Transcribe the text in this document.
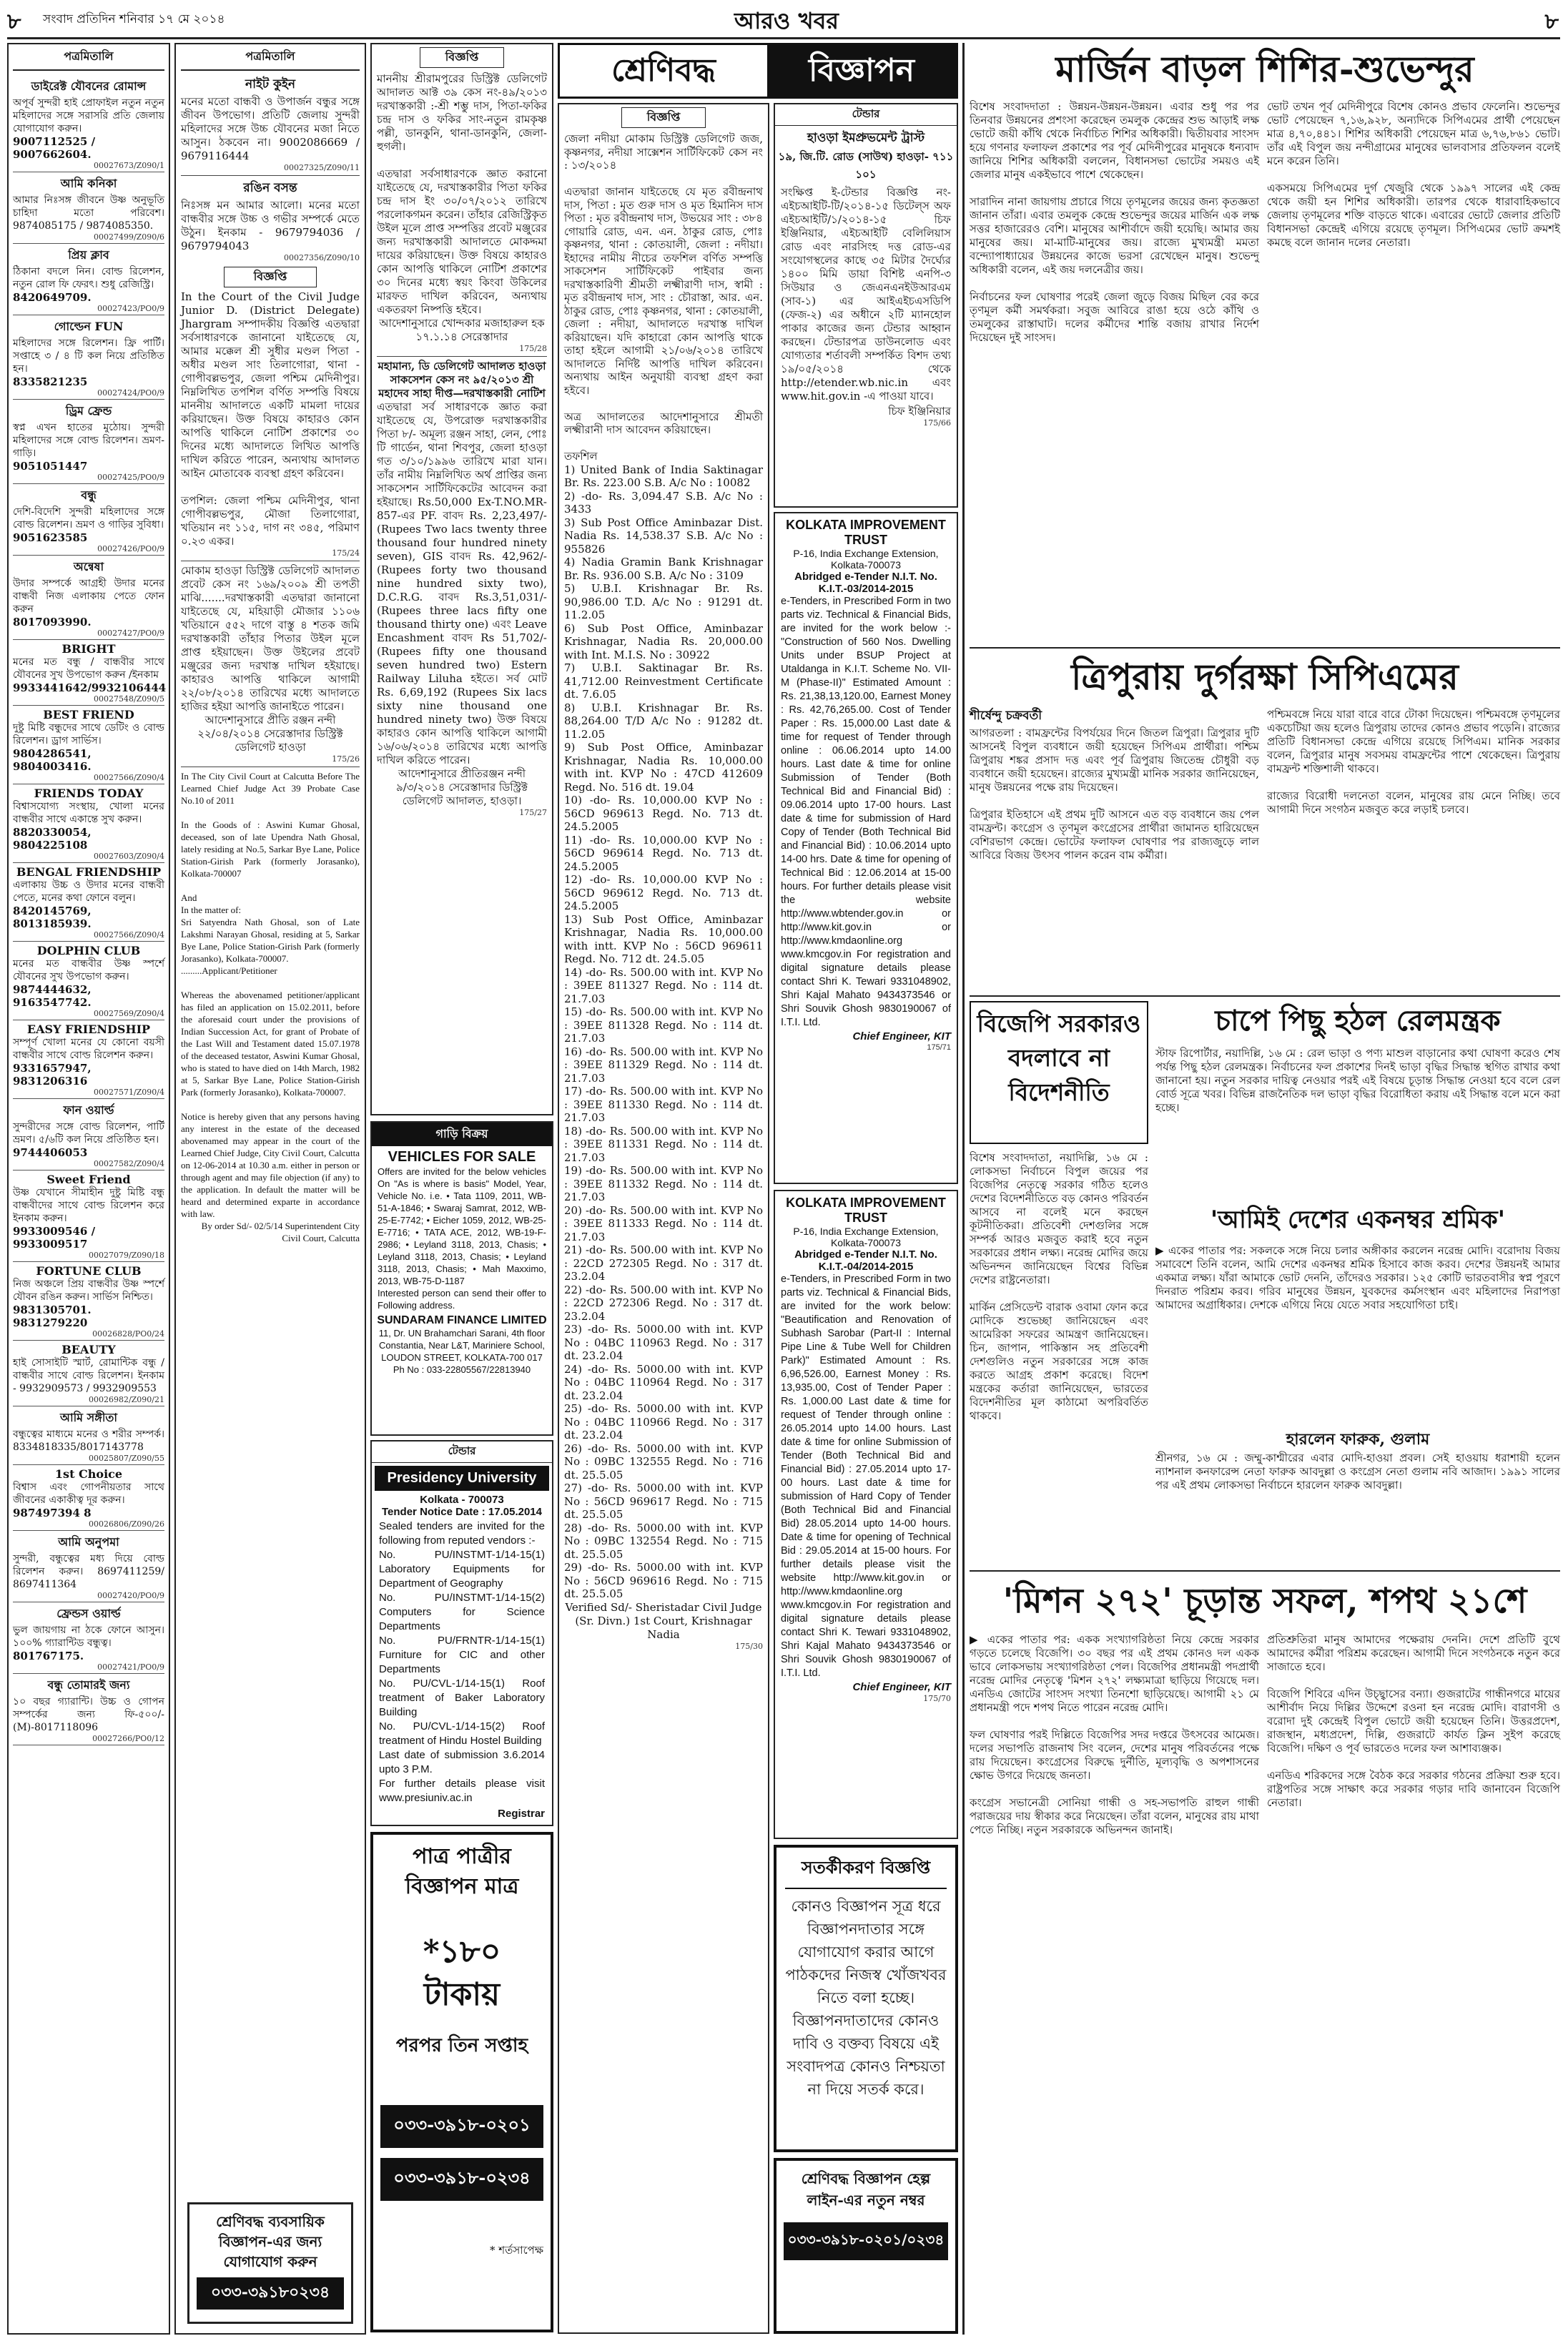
৮	সংবাদ প্রতিদিন শনিবার ১৭ মে ২০১৪	আরও খবর	৮
পত্রমিতালি
ডাইরেক্ট যৌবনের রোমান্স
অপূর্ব সুন্দরী হাই প্রোফাইল নতুন নতুন মহিলাদের সঙ্গে সরাসরি প্রতি জেলায় যোগাযোগ করুন।
9007112525 / 9007662604.
00027673/Z090/1
আমি কনিকা
আমার নিঃসঙ্গ জীবনে উষ্ণ অনুভূতি চাহিদা মতো পরিবেশ। 9874085175 / 9874085350.
00027499/Z090/6
প্রিয় ক্লাব
ঠিকানা বদলে নিন। বোল্ড রিলেশন, নতুন রোল ফি ফেরৎ। শুধু রেজিস্ট্রি।
8420649709.
00027423/PO0/9
গোল্ডেন FUN
মহিলাদের সঙ্গে রিলেশন। ফ্রি পার্টি। সপ্তাহে ৩ / ৪ টি কল নিয়ে প্রতিষ্ঠিত হন।
8335821235
00027424/PO0/9
ড্রিম ফ্রেন্ড
স্বপ্ন এখন হাতের মুঠোয়। সুন্দরী মহিলাদের সঙ্গে বোল্ড রিলেশন। ভ্রমণ-গাড়ি।
9051051447
00027425/PO0/9
বন্ধু
দেশি-বিদেশি সুন্দরী মহিলাদের সঙ্গে বোল্ড রিলেশন। ভ্রমণ ও গাড়ির সুবিধা।
9051623585
00027426/PO0/9
অন্বেষা
উদার সম্পর্কে আগ্রহী উদার মনের বান্ধবী নিজ এলাকায় পেতে ফোন করুন
8017093990.
00027427/PO0/9
BRIGHT
মনের মত বন্ধু / বান্ধবীর সাথে যৌবনের সুখ উপভোগ করুন /ইনকাম
9933441642/9932106444
00027548/Z090/5
BEST FRIEND
দুষ্টু মিষ্টি বন্ধুদের সাথে ডেটিং ও বোল্ড রিলেশন। ড্রাগ সার্ভিস।
9804286541, 9804003416.
00027566/Z090/4
FRIENDS TODAY
বিশ্বাসযোগ্য সংস্থায়, খোলা মনের বান্ধবীর সাথে একান্তে সুখ করুন।
8820330054, 9804225108
00027603/Z090/4
BENGAL FRIENDSHIP
এলাকায় উচ্চ ও উদার মনের বান্ধবী পেতে, মনের কথা ফোনে বলুন।
8420145769, 8013185939.
00027566/Z090/4
DOLPHIN CLUB
মনের মত বান্ধবীর উষ্ণ স্পর্শে যৌবনের সুখ উপভোগ করুন।
9874444632, 9163547742.
00027569/Z090/4
EASY FRIENDSHIP
সম্পূর্ণ খোলা মনের যে কোনো বয়সী বান্ধবীর সাথে বোল্ড রিলেশন করুন।
9331657947, 9831206316
00027571/Z090/4
ফান ওয়ার্ল্ড
সুন্দরীদের সঙ্গে বোল্ড রিলেশন, পার্টি ভ্রমণ। ৫/৬টি কল নিয়ে প্রতিষ্ঠিত হন।
9744406053
00027582/Z090/4
Sweet Friend
উষ্ণ যেখানে সীমাহীন দুষ্টু মিষ্টি বন্ধু বান্ধবীদের সাথে বোল্ড রিলেশন করে ইনকাম করুন।
9933009546 / 9933009517
00027079/Z090/18
FORTUNE CLUB
নিজ অঞ্চলে প্রিয় বান্ধবীর উষ্ণ স্পর্শে যৌবন রঙিন করুন। সার্ভিস নিশ্চিত।
9831305701. 9831279220
00026828/PO0/24
BEAUTY
হাই সোসাইটি স্মার্ট, রোমান্টিক বন্ধু / বান্ধবীর সাথে বোল্ড রিলেশন। ইনকাম - 9932909573 / 9932909553
00026982/Z090/21
আমি সঙ্গীতা
বন্ধুত্বের মাধ্যমে মনের ও শরীর সম্পর্ক। 8334818335/8017143778
00025807/Z090/55
1st Choice
বিশ্বাস এবং গোপনীয়তার সাথে জীবনের একাকীত্ব দূর করুন।
987497394 8
00026806/Z090/26
আমি অনুপমা
সুন্দরী, বন্ধুত্বের মধ্য দিয়ে বোল্ড রিলেশন করুন। 8697411259/ 8697411364
00027420/PO0/9
ফ্রেন্ডস ওয়ার্ল্ড
ভুল জায়গায় না ঠকে ফোনে আসুন। ১০০% গ্যারান্টিড বন্ধুত্ব।
801767175.
00027421/PO0/9
বন্ধু তোমারই জন্য
১০ বছর গ্যারান্টি। উচ্চ ও গোপন সম্পর্কের জন্য ফি-৫০০/- (M)-8017118096
00027266/PO0/12
পত্রমিতালি
নাইট কুইন
মনের মতো বান্ধবী ও উপার্জন বন্ধুর সঙ্গে জীবন উপভোগ। প্রতিটি জেলায় সুন্দরী মহিলাদের সঙ্গে উচ্চ যৌবনের মজা নিতে আসুন। ঠকবেন না। 9002086669 / 9679116444
00027325/Z090/11
রঙিন বসন্ত
নিঃসঙ্গ মন আমার আলো। মনের মতো বান্ধবীর সঙ্গে উচ্চ ও গভীর সম্পর্কে মেতে উঠুন। ইনকাম - 9679794036 / 9679794043
00027356/Z090/10
বিজ্ঞপ্তি
In the Court of the Civil Judge Junior D. (District Delegate) Jhargram সম্পাদকীয় বিজ্ঞপ্তি এতদ্বারা সর্বসাধারণকে জানানো যাইতেছে যে, আমার মক্কেল শ্রী সুধীর মণ্ডল পিতা - অধীর মণ্ডল সাং তিলাগোরা, থানা - গোপীবল্লভপুর, জেলা পশ্চিম মেদিনীপুর। নিম্নলিখিত তপশিল বর্ণিত সম্পত্তি বিষয়ে মাননীয় আদালতে একটি মামলা দায়ের করিয়াছেন। উক্ত বিষয়ে কাহারও কোন আপত্তি থাকিলে নোটিশ প্রকাশের ৩০ দিনের মধ্যে আদালতে লিখিত আপত্তি দাখিল করিতে পারেন, অন্যথায় আদালত আইন মোতাবেক ব্যবস্থা গ্রহণ করিবেন।

তপশিল: জেলা পশ্চিম মেদিনীপুর, থানা গোপীবল্লভপুর, মৌজা তিলাগোরা, খতিয়ান নং ১১৫, দাগ নং ৩৪৫, পরিমাণ ০.২৩ একর।
175/24
মোকাম হাওড়া ডিস্ট্রিক্ট ডেলিগেট আদালত প্রবেট কেস নং ১৬৯/২০০৯ শ্রী তপতী মাঝি.......দরখাস্তকারী এতদ্বারা জানানো যাইতেছে যে, মহিয়াড়ী মৌজার ১১০৬ খতিয়ানে ৫৫২ দাগে বাস্তু ৪ শতক জমি দরখাস্তকারী তাঁহার পিতার উইল মূলে প্রাপ্ত হইয়াছেন। উক্ত উইলের প্রবেট মঞ্জুরের জন্য দরখাস্ত দাখিল হইয়াছে। কাহারও আপত্তি থাকিলে আগামী ২২/০৮/২০১৪ তারিখের মধ্যে আদালতে হাজির হইয়া আপত্তি জানাইতে পারেন।
আদেশানুসারে প্রীতি রঞ্জন নন্দী ২২/০৪/২০১৪ সেরেস্তাদার ডিস্ট্রিক্ট ডেলিগেট হাওড়া
175/26
In The City Civil Court at Calcutta Before The Learned Chief Judge Act 39 Probate Case No.10 of 2011

In the Goods of : Aswini Kumar Ghosal, deceased, son of late Upendra Nath Ghosal, lately residing at No.5, Sarkar Bye Lane, Police Station-Girish Park (formerly Jorasanko), Kolkata-700007

And
In the matter of:
Sri Satyendra Nath Ghosal, son of Late Lakshmi Narayan Ghosal, residing at 5, Sarkar Bye Lane, Police Station-Girish Park (formerly Jorasanko), Kolkata-700007.
.........Applicant/Petitioner

Whereas the abovenamed petitioner/applicant has filed an application on 15.02.2011, before the aforesaid court under the provisions of Indian Succession Act, for grant of Probate of the Last Will and Testament dated 15.07.1978 of the deceased testator, Aswini Kumar Ghosal, who is stated to have died on 14th March, 1982 at 5, Sarkar Bye Lane, Police Station-Girish Park (formerly Jorasanko), Kolkata-700007.

Notice is hereby given that any persons having any interest in the estate of the deceased abovenamed may appear in the court of the Learned Chief Judge, City Civil Court, Calcutta on 12-06-2014 at 10.30 a.m. either in person or through agent and may file objection (if any) to the application. In default the matter will be heard and determined exparte in accordance with law.
By order Sd/- 02/5/14 Superintendent City Civil Court, Calcutta
শ্রেণিবদ্ধ ব্যবসায়িক বিজ্ঞাপন-এর জন্য যোগাযোগ করুন
০৩৩-৩৯১৮০২৩৪
বিজ্ঞপ্তি
মাননীয় শ্রীরামপুরের ডিস্ট্রিক্ট ডেলিগেট আদালত আক্ট ৩৯ কেস নং-৪৯/২০১৩ দরখাস্তকারী :-শ্রী শম্ভু দাস, পিতা-ফকির চন্দ্র দাস ও ফকির সাং-নতুন রামকৃষ্ণ পল্লী, ডানকুনি, থানা-ডানকুনি, জেলা-হুগলী।

এতদ্বারা সর্বসাধারণকে জ্ঞাত করানো যাইতেছে যে, দরখাস্তকারীর পিতা ফকির চন্দ্র দাস ইং ৩০/০৭/২০১২ তারিখে পরলোকগমন করেন। তাঁহার রেজিস্ট্রিকৃত উইল মূলে প্রাপ্ত সম্পত্তির প্রবেট মঞ্জুরের জন্য দরখাস্তকারী আদালতে মোকদ্দমা দায়ের করিয়াছেন। উক্ত বিষয়ে কাহারও কোন আপত্তি থাকিলে নোটিশ প্রকাশের ৩০ দিনের মধ্যে স্বয়ং কিংবা উকিলের মারফত দাখিল করিবেন, অন্যথায় একতরফা নিষ্পত্তি হইবে।
আদেশানুসারে খোন্দকার মজাহারুল হক ১৭.১.১৪ সেরেস্তাদার
175/28
মহামান্য, ডি ডেলিগেট আদালত হাওড়া সাকসেশন কেস নং ৯৫/২০১৩ শ্রী মহাদেব সাহা দীপ্ত—দরখাস্তকারী নোটিশ
এতদ্বারা সর্ব সাধারণকে জ্ঞাত করা যাইতেছে যে, উপরোক্ত দরখাস্তকারীর পিতা ৮/- অমূল্য রঞ্জন সাহা, লেন, পোঃ টি গার্ডেন, থানা শিবপুর, জেলা হাওড়া গত ৩/১০/১৯৯৬ তারিখে মারা যান। তাঁর নামীয় নিম্নলিখিত অর্থ প্রাপ্তির জন্য সাকসেশন সার্টিফিকেটের আবেদন করা হইয়াছে। Rs.50,000 Ex-T.NO.MR-857-এর PF. বাবদ Rs. 2,23,497/- (Rupees Two lacs twenty three thousand four hundred ninety seven), GIS বাবদ Rs. 42,962/- (Rupees forty two thousand nine hundred sixty two), D.C.R.G. বাবদ Rs.3,51,031/- (Rupees three lacs fifty one thousand thirty one) এবং Leave Encashment বাবদ Rs 51,702/- (Rupees fifty one thousand seven hundred two) Estern Railway Liluha হইতে। সর্ব মোট Rs. 6,69,192 (Rupees Six lacs sixty nine thousand one hundred ninety two) উক্ত বিষয়ে কাহারও কোন আপত্তি থাকিলে আগামী ১৬/০৬/২০১৪ তারিখের মধ্যে আপত্তি দাখিল করিতে পারেন।
আদেশানুসারে প্রীতিরঞ্জন নন্দী ৯/৩/২০১৪ সেরেস্তাদার ডিস্ট্রিক্ট ডেলিগেট আদালত, হাওড়া।
175/27
গাড়ি বিক্রয়
VEHICLES FOR SALE
Offers are invited for the below vehicles On "As is where is basis" Model, Year, Vehicle No. i.e. • Tata 1109, 2011, WB-51-A-1846; • Swaraj Samrat, 2012, WB-25-E-7742; • Eicher 1059, 2012, WB-25-E-7716; • TATA ACE, 2012, WB-19-F-2986; • Leyland 3118, 2013, Chasis; • Leyland 3118, 2013, Chasis; • Leyland 3118, 2013, Chasis; • Mah Maxximo, 2013, WB-75-D-1187
Interested person can send their offer to Following address.
SUNDARAM FINANCE LIMITED
11, Dr. UN Brahamchari Sarani, 4th floor Constantia, Near L&T, Mariniere School, LOUDON STREET, KOLKATA-700 017 Ph No : 033-22805567/22813940
টেন্ডার
Presidency University
Kolkata - 700073
Tender Notice Date : 17.05.2014
Sealed tenders are invited for the following from reputed vendors :-
No. PU/INSTMT-1/14-15(1) Laboratory Equipments for Department of Geography
No. PU/INSTMT-1/14-15(2) Computers for Science Departments
No. PU/FRNTR-1/14-15(1) Furniture for CIC and other Departments
No. PU/CVL-1/14-15(1) Roof treatment of Baker Laboratory Building
No. PU/CVL-1/14-15(2) Roof treatment of Hindu Hostel Building
Last date of submission 3.6.2014 upto 3 P.M.
For further details please visit www.presiuniv.ac.in
Registrar
পাত্র পাত্রীর বিজ্ঞাপন মাত্র
*১৮০ টাকায়
পরপর তিন সপ্তাহ
০৩৩-৩৯১৮-০২০১
০৩৩-৩৯১৮-০২৩৪
* শর্তসাপেক্ষ
শ্রেণিবদ্ধ	বিজ্ঞাপন
বিজ্ঞপ্তি
জেলা নদীয়া মোকাম ডিস্ট্রিক্ট ডেলিগেট জজ, কৃষ্ণনগর, নদীয়া সাক্সেশন সার্টিফিকেট কেস নং : ১৩/২০১৪

এতদ্বারা জানান যাইতেছে যে মৃত রবীন্দ্রনাথ দাস, পিতা : মৃত গুরু দাস ও মৃত হিমানিস দাস পিতা : মৃত রবীন্দ্রনাথ দাস, উভয়ের সাং : ৩৮৪ গোয়ারি রোড, এন. এন. ঠাকুর রোড, পোঃ কৃষ্ণনগর, থানা : কোতয়ালী, জেলা : নদীয়া। ইহাদের নামীয় নীচের তফশিল বর্ণিত সম্পত্তি সাকসেশন সার্টিফিকেট পাইবার জন্য দরখাস্তকারিণী শ্রীমতী লক্ষ্মীরাণী দাস, স্বামী : মৃত রবীন্দ্রনাথ দাস, সাং : চৌরাস্তা, আর. এন. ঠাকুর রোড, পোঃ কৃষ্ণনগর, থানা : কোতয়ালী, জেলা : নদীয়া, আদালতে দরখাস্ত দাখিল করিয়াছেন। যদি কাহারো কোন আপত্তি থাকে তাহা হইলে আগামী ২১/০৬/২০১৪ তারিখে আদালতে নির্দিষ্ট আপত্তি দাখিল করিবেন। অন্যথায় আইন অনুযায়ী ব্যবস্থা গ্রহণ করা হইবে।

অত্র আদালতের আদেশানুসারে শ্রীমতী লক্ষ্মীরানী দাস আবেদন করিয়াছেন।

তফশিল
1) United Bank of India Saktinagar Br. Rs. 223.00 S.B. A/c No : 10082
2) -do- Rs. 3,094.47 S.B. A/c No : 3433
3) Sub Post Office Aminbazar Dist. Nadia Rs. 14,538.37 S.B. A/c No : 955826
4) Nadia Gramin Bank Krishnagar Br. Rs. 936.00 S.B. A/c No : 3109
5) U.B.I. Krishnagar Br. Rs. 90,986.00 T.D. A/c No : 91291 dt. 11.2.05
6) Sub Post Office, Aminbazar Krishnagar, Nadia Rs. 20,000.00 with Int. M.I.S. No : 30922
7) U.B.I. Saktinagar Br. Rs. 41,712.00 Reinvestment Certificate dt. 7.6.05
8) U.B.I. Krishnagar Br. Rs. 88,264.00 T/D A/c No : 91282 dt. 11.2.05
9) Sub Post Office, Aminbazar Krishnagar, Nadia Rs. 10,000.00 with int. KVP No : 47CD 412609 Regd. No. 516 dt. 19.04
10) -do- Rs. 10,000.00 KVP No : 56CD 969613 Regd. No. 713 dt. 24.5.2005
11) -do- Rs. 10,000.00 KVP No : 56CD 969614 Regd. No. 713 dt. 24.5.2005
12) -do- Rs. 10,000.00 KVP No : 56CD 969612 Regd. No. 713 dt. 24.5.2005
13) Sub Post Office, Aminbazar Krishnagar, Nadia Rs. 10,000.00 with intt. KVP No : 56CD 969611 Regd. No. 712 dt. 24.5.05
14) -do- Rs. 500.00 with int. KVP No : 39EE 811327 Regd. No : 114 dt. 21.7.03
15) -do- Rs. 500.00 with int. KVP No : 39EE 811328 Regd. No : 114 dt. 21.7.03
16) -do- Rs. 500.00 with int. KVP No : 39EE 811329 Regd. No : 114 dt. 21.7.03
17) -do- Rs. 500.00 with int. KVP No : 39EE 811330 Regd. No : 114 dt. 21.7.03
18) -do- Rs. 500.00 with int. KVP No : 39EE 811331 Regd. No : 114 dt. 21.7.03
19) -do- Rs. 500.00 with int. KVP No : 39EE 811332 Regd. No : 114 dt. 21.7.03
20) -do- Rs. 500.00 with int. KVP No : 39EE 811333 Regd. No : 114 dt. 21.7.03
21) -do- Rs. 500.00 with int. KVP No : 22CD 272305 Regd. No : 317 dt. 23.2.04
22) -do- Rs. 500.00 with int. KVP No : 22CD 272306 Regd. No : 317 dt. 23.2.04
23) -do- Rs. 5000.00 with int. KVP No : 04BC 110963 Regd. No : 317 dt. 23.2.04
24) -do- Rs. 5000.00 with int. KVP No : 04BC 110964 Regd. No : 317 dt. 23.2.04
25) -do- Rs. 5000.00 with int. KVP No : 04BC 110966 Regd. No : 317 dt. 23.2.04
26) -do- Rs. 5000.00 with int. KVP No : 09BC 132555 Regd. No : 716 dt. 25.5.05
27) -do- Rs. 5000.00 with int. KVP No : 56CD 969617 Regd. No : 715 dt. 25.5.05
28) -do- Rs. 5000.00 with int. KVP No : 09BC 132554 Regd. No : 715 dt. 25.5.05
29) -do- Rs. 5000.00 with int. KVP No : 56CD 969616 Regd. No : 715 dt. 25.5.05
Verified Sd/- Sheristadar Civil Judge (Sr. Divn.) 1st Court, Krishnagar Nadia
175/30
টেন্ডার
হাওড়া ইমপ্রুভমেন্ট ট্রাস্ট
১৯, জি.টি. রোড (সাউথ) হাওড়া- ৭১১ ১০১
সংক্ষিপ্ত ই-টেন্ডার বিজ্ঞপ্তি নং- এইচআইটি-টি/২০১৪-১৫ ডিটেল্‌স অফ এইচআইটি/১/২০১৪-১৫ চিফ ইঞ্জিনিয়ার, এইচআইটি বেলিলিয়াস রোড এবং নারসিংহ দত্ত রোড-এর সংযোগস্থলের কাছে ৩৫ মিটার দৈর্ঘ্যের ১৪০০ মিমি ডায়া বিশিষ্ট এনপি-৩ সিউয়ার ও জেএনএনইউআরএম (সাব-১) এর আইএইচএসডিপি (ফেজ-২) এর অধীনে ২টি ম্যানহোল পাকার কাজের জন্য টেন্ডার আহ্বান করছেন। টেন্ডারপত্র ডাউনলোড এবং যোগ্যতার শর্তাবলী সম্পর্কিত বিশদ তথ্য ১৯/০৫/২০১৪ থেকে http://etender.wb.nic.in এবং www.hit.gov.in -এ পাওয়া যাবে।
চিফ ইঞ্জিনিয়ার
175/66
KOLKATA IMPROVEMENT TRUST
P-16, India Exchange Extension, Kolkata-700073
Abridged e-Tender N.I.T. No. K.I.T.-03/2014-2015
e-Tenders, in Prescribed Form in two parts viz. Technical & Financial Bids, are invited for the work below :- "Construction of 560 Nos. Dwelling Units under BSUP Project at Utaldanga in K.I.T. Scheme No. VII-M (Phase-II)" Estimated Amount : Rs. 21,38,13,120.00, Earnest Money : Rs. 42,76,265.00. Cost of Tender Paper : Rs. 15,000.00 Last date & time for request of Tender through online : 06.06.2014 upto 14.00 hours. Last date & time for online Submission of Tender (Both Technical Bid and Financial Bid) : 09.06.2014 upto 17-00 hours. Last date & time for submission of Hard Copy of Tender (Both Technical Bid and Financial Bid) : 10.06.2014 upto 14-00 hrs. Date & time for opening of Technical Bid : 12.06.2014 at 15-00 hours. For further details please visit the website http://www.wbtender.gov.in or http://www.kit.gov.in or http://www.kmdaonline.org www.kmcgov.in For registration and digital signature details please contact Shri K. Tewari 9331048902, Shri Kajal Mahato 9434373546 or Shri Souvik Ghosh 9830190067 of I.T.I. Ltd.
Chief Engineer, KIT
175/71
KOLKATA IMPROVEMENT TRUST
P-16, India Exchange Extension, Kolkata-700073
Abridged e-Tender N.I.T. No. K.I.T.-04/2014-2015
e-Tenders, in Prescribed Form in two parts viz. Technical & Financial Bids, are invited for the work below: "Beautification and Renovation of Subhash Sarobar (Part-II : Internal Pipe Line & Tube Well for Children Park)" Estimated Amount : Rs. 6,96,526.00, Earnest Money : Rs. 13,935.00, Cost of Tender Paper : Rs. 1,000.00 Last date & time for request of Tender through online : 26.05.2014 upto 14.00 hours. Last date & time for online Submission of Tender (Both Technical Bid and Financial Bid) : 27.05.2014 upto 17-00 hours. Last date & time for submission of Hard Copy of Tender (Both Technical Bid and Financial Bid) 28.05.2014 upto 14-00 hours. Date & time for opening of Technical Bid : 29.05.2014 at 15-00 hours. For further details please visit the website http://www.kit.gov.in or http://www.kmdaonline.org www.kmcgov.in For registration and digital signature details please contact Shri K. Tewari 9331048902, Shri Kajal Mahato 9434373546 or Shri Souvik Ghosh 9830190067 of I.T.I. Ltd.
Chief Engineer, KIT
175/70
সতর্কীকরণ বিজ্ঞপ্তি
কোনও বিজ্ঞাপন সূত্র ধরে বিজ্ঞাপনদাতার সঙ্গে যোগাযোগ করার আগে পাঠকদের নিজস্ব খোঁজখবর নিতে বলা হচ্ছে। বিজ্ঞাপনদাতাদের কোনও দাবি ও বক্তব্য বিষয়ে এই সংবাদপত্র কোনও নিশ্চয়তা না দিয়ে সতর্ক করে।
শ্রেণিবদ্ধ বিজ্ঞাপন হেল্প লাইন-এর নতুন নম্বর
০৩৩-৩৯১৮-০২০১/০২৩৪
মার্জিন বাড়ল শিশির-শুভেন্দুর
বিশেষ সংবাদদাতা : উন্নয়ন-উন্নয়ন-উন্নয়ন। এবার শুধু পর পর তিনবার উন্নয়নের প্রশংসা করেছেন তমলুক কেন্দ্রের শুভ আড়াই লক্ষ ভোটে জয়ী কাঁথি থেকে নির্বাচিত শিশির অধিকারী। দ্বিতীয়বার সাংসদ হয়ে গণনার ফলাফল প্রকাশের পর পূর্ব মেদিনীপুরের মানুষকে ধন্যবাদ জানিয়ে শিশির অধিকারী বললেন, বিধানসভা ভোটের সময়ও এই জেলার মানুষ একইভাবে পাশে থেকেছেন।

সারাদিন নানা জায়গায় প্রচারে গিয়ে তৃণমূলের জয়ের জন্য কৃতজ্ঞতা জানান তাঁরা। এবার তমলুক কেন্দ্রে শুভেন্দুর জয়ের মার্জিন এক লক্ষ সত্তর হাজারেরও বেশি। মানুষের আশীর্বাদে জয়ী হয়েছি। আমার জয় মানুষের জয়। মা-মাটি-মানুষের জয়। রাজ্যে মুখ্যমন্ত্রী মমতা বন্দ্যোপাধ্যায়ের উন্নয়নের কাজে ভরসা রেখেছেন মানুষ। শুভেন্দু অধিকারী বলেন, এই জয় দলনেত্রীর জয়।

নির্বাচনের ফল ঘোষণার পরেই জেলা জুড়ে বিজয় মিছিল বের করে তৃণমূল কর্মী সমর্থকরা। সবুজ আবিরে রাঙা হয়ে ওঠে কাঁথি ও তমলুকের রাস্তাঘাট। দলের কর্মীদের শান্তি বজায় রাখার নির্দেশ দিয়েছেন দুই সাংসদ।
ভোট তখন পূর্ব মেদিনীপুরে বিশেষ কোনও প্রভাব ফেলেনি। শুভেন্দুর ভোট পেয়েছেন ৭,১৬,৯২৮, অন্যদিকে সিপিএমের প্রার্থী পেয়েছেন মাত্র ৪,৭০,৪৪১। শিশির অধিকারী পেয়েছেন মাত্র ৬,৭৬,৮৬১ ভোট। তাঁর এই বিপুল জয় নন্দীগ্রামের মানুষের ভালবাসার প্রতিফলন বলেই মনে করেন তিনি।

একসময়ে সিপিএমের দুর্গ খেজুরি থেকে ১৯৯৭ সালের এই কেন্দ্র থেকে জয়ী হন শিশির অধিকারী। তারপর থেকে ধারাবাহিকভাবে জেলায় তৃণমূলের শক্তি বাড়তে থাকে। এবারের ভোটে জেলার প্রতিটি বিধানসভা কেন্দ্রেই এগিয়ে রয়েছে তৃণমূল। সিপিএমের ভোট ক্রমশই কমছে বলে জানান দলের নেতারা।
ত্রিপুরায় দুর্গরক্ষা সিপিএমের
শীর্ষেন্দু চক্রবর্তী
আগরতলা : বামফ্রন্টের বিপর্যয়ের দিনে জিতল ত্রিপুরা। ত্রিপুরার দুটি আসনেই বিপুল ব্যবধানে জয়ী হয়েছেন সিপিএম প্রার্থীরা। পশ্চিম ত্রিপুরায় শঙ্কর প্রসাদ দত্ত এবং পূর্ব ত্রিপুরায় জিতেন্দ্র চৌধুরী বড় ব্যবধানে জয়ী হয়েছেন। রাজ্যের মুখ্যমন্ত্রী মানিক সরকার জানিয়েছেন, মানুষ উন্নয়নের পক্ষে রায় দিয়েছেন।

ত্রিপুরার ইতিহাসে এই প্রথম দুটি আসনে এত বড় ব্যবধানে জয় পেল বামফ্রন্ট। কংগ্রেস ও তৃণমূল কংগ্রেসের প্রার্থীরা জামানত হারিয়েছেন বেশিরভাগ কেন্দ্রে। ভোটের ফলাফল ঘোষণার পর রাজ্যজুড়ে লাল আবিরে বিজয় উৎসব পালন করেন বাম কর্মীরা।
পশ্চিমবঙ্গে নিয়ে যারা বারে বারে টোকা দিয়েছেন। পশ্চিমবঙ্গে তৃণমূলের একচেটিয়া জয় হলেও ত্রিপুরায় তাদের কোনও প্রভাব পড়েনি। রাজ্যের প্রতিটি বিধানসভা কেন্দ্রে এগিয়ে রয়েছে সিপিএম। মানিক সরকার বলেন, ত্রিপুরার মানুষ সবসময় বামফ্রন্টের পাশে থেকেছেন। ত্রিপুরায় বামফ্রন্ট শক্তিশালী থাকবে।

রাজ্যের বিরোধী দলনেতা বলেন, মানুষের রায় মেনে নিচ্ছি। তবে আগামী দিনে সংগঠন মজবুত করে লড়াই চলবে।
বিজেপি সরকারও বদলাবে না বিদেশনীতি
বিশেষ সংবাদদাতা, নয়াদিল্লি, ১৬ মে : লোকসভা নির্বাচনে বিপুল জয়ের পর বিজেপির নেতৃত্বে সরকার গঠিত হলেও দেশের বিদেশনীতিতে বড় কোনও পরিবর্তন আসবে না বলেই মনে করছেন কূটনীতিকরা। প্রতিবেশী দেশগুলির সঙ্গে সম্পর্ক আরও মজবুত করাই হবে নতুন সরকারের প্রধান লক্ষ্য। নরেন্দ্র মোদির জয়ে অভিনন্দন জানিয়েছেন বিশ্বের বিভিন্ন দেশের রাষ্ট্রনেতারা।

মার্কিন প্রেসিডেন্ট বারাক ওবামা ফোন করে মোদিকে শুভেচ্ছা জানিয়েছেন এবং আমেরিকা সফরের আমন্ত্রণ জানিয়েছেন। চিন, জাপান, পাকিস্তান সহ প্রতিবেশী দেশগুলিও নতুন সরকারের সঙ্গে কাজ করতে আগ্রহ প্রকাশ করেছে। বিদেশ মন্ত্রকের কর্তারা জানিয়েছেন, ভারতের বিদেশনীতির মূল কাঠামো অপরিবর্তিত থাকবে।
চাপে পিছু হঠল রেলমন্ত্রক
স্টাফ রিপোর্টার, নয়াদিল্লি, ১৬ মে : রেল ভাড়া ও পণ্য মাশুল বাড়ানোর কথা ঘোষণা করেও শেষ পর্যন্ত পিছু হঠল রেলমন্ত্রক। নির্বাচনের ফল প্রকাশের দিনই ভাড়া বৃদ্ধির সিদ্ধান্ত স্থগিত রাখার কথা জানানো হয়। নতুন সরকার দায়িত্ব নেওয়ার পরই এই বিষয়ে চূড়ান্ত সিদ্ধান্ত নেওয়া হবে বলে রেল বোর্ড সূত্রে খবর। বিভিন্ন রাজনৈতিক দল ভাড়া বৃদ্ধির বিরোধিতা করায় এই সিদ্ধান্ত বলে মনে করা হচ্ছে।
'আমিই দেশের একনম্বর শ্রমিক'
▶ একের পাতার পর: সকলকে সঙ্গে নিয়ে চলার অঙ্গীকার করলেন নরেন্দ্র মোদি। বরোদায় বিজয় সমাবেশে তিনি বলেন, আমি দেশের একনম্বর শ্রমিক হিসাবে কাজ করব। দেশের উন্নয়নই আমার একমাত্র লক্ষ্য। যাঁরা আমাকে ভোট দেননি, তাঁদেরও সরকার। ১২৫ কোটি ভারতবাসীর স্বপ্ন পূরণে দিনরাত পরিশ্রম করব। গরিব মানুষের উন্নয়ন, যুবকদের কর্মসংস্থান এবং মহিলাদের নিরাপত্তা আমাদের অগ্রাধিকার। দেশকে এগিয়ে নিয়ে যেতে সবার সহযোগিতা চাই।
হারলেন ফারুক, গুলাম
শ্রীনগর, ১৬ মে : জম্মু-কাশ্মীরের এবার মোদি-হাওয়া প্রবল। সেই হাওয়ায় ধরাশায়ী হলেন ন্যাশনাল কনফারেন্স নেতা ফারুক আবদুল্লা ও কংগ্রেস নেতা গুলাম নবি আজাদ। ১৯৯১ সালের পর এই প্রথম লোকসভা নির্বাচনে হারলেন ফারুক আবদুল্লা।
'মিশন ২৭২' চূড়ান্ত সফল, শপথ ২১শে
▶ একের পাতার পর: একক সংখ্যাগরিষ্ঠতা নিয়ে কেন্দ্রে সরকার গড়তে চলেছে বিজেপি। ৩০ বছর পর এই প্রথম কোনও দল একক ভাবে লোকসভায় সংখ্যাগরিষ্ঠতা পেল। বিজেপির প্রধানমন্ত্রী পদপ্রার্থী নরেন্দ্র মোদির নেতৃত্বে 'মিশন ২৭২' লক্ষ্যমাত্রা ছাড়িয়ে গিয়েছে দল। এনডিএ জোটের সাংসদ সংখ্যা তিনশো ছাড়িয়েছে। আগামী ২১ মে প্রধানমন্ত্রী পদে শপথ নিতে পারেন নরেন্দ্র মোদি।

ফল ঘোষণার পরই দিল্লিতে বিজেপির সদর দপ্তরে উৎসবের আমেজ। দলের সভাপতি রাজনাথ সিং বলেন, দেশের মানুষ পরিবর্তনের পক্ষে রায় দিয়েছেন। কংগ্রেসের বিরুদ্ধে দুর্নীতি, মূল্যবৃদ্ধি ও অপশাসনের ক্ষোভ উগরে দিয়েছে জনতা।

কংগ্রেস সভানেত্রী সোনিয়া গান্ধী ও সহ-সভাপতি রাহুল গান্ধী পরাজয়ের দায় স্বীকার করে নিয়েছেন। তাঁরা বলেন, মানুষের রায় মাথা পেতে নিচ্ছি। নতুন সরকারকে অভিনন্দন জানাই।
প্রতিশ্রুতিরা মানুষ আমাদের পক্ষেরায় দেননি। দেশে প্রতিটি বুথে আমাদের কর্মীরা পরিশ্রম করেছেন। আগামী দিনে সংগঠনকে নতুন করে সাজাতে হবে।

বিজেপি শিবিরে এদিন উচ্ছ্বাসের বন্যা। গুজরাটের গান্ধীনগরে মায়ের আশীর্বাদ নিয়ে দিল্লির উদ্দেশে রওনা হন নরেন্দ্র মোদি। বারাণসী ও বরোদা দুই কেন্দ্রেই বিপুল ভোটে জয়ী হয়েছেন তিনি। উত্তরপ্রদেশ, রাজস্থান, মধ্যপ্রদেশ, দিল্লি, গুজরাটে কার্যত ক্লিন সুইপ করেছে বিজেপি। দক্ষিণ ও পূর্ব ভারতেও দলের ফল আশাব্যঞ্জক।

এনডিএ শরিকদের সঙ্গে বৈঠক করে সরকার গঠনের প্রক্রিয়া শুরু হবে। রাষ্ট্রপতির সঙ্গে সাক্ষাৎ করে সরকার গড়ার দাবি জানাবেন বিজেপি নেতারা।
